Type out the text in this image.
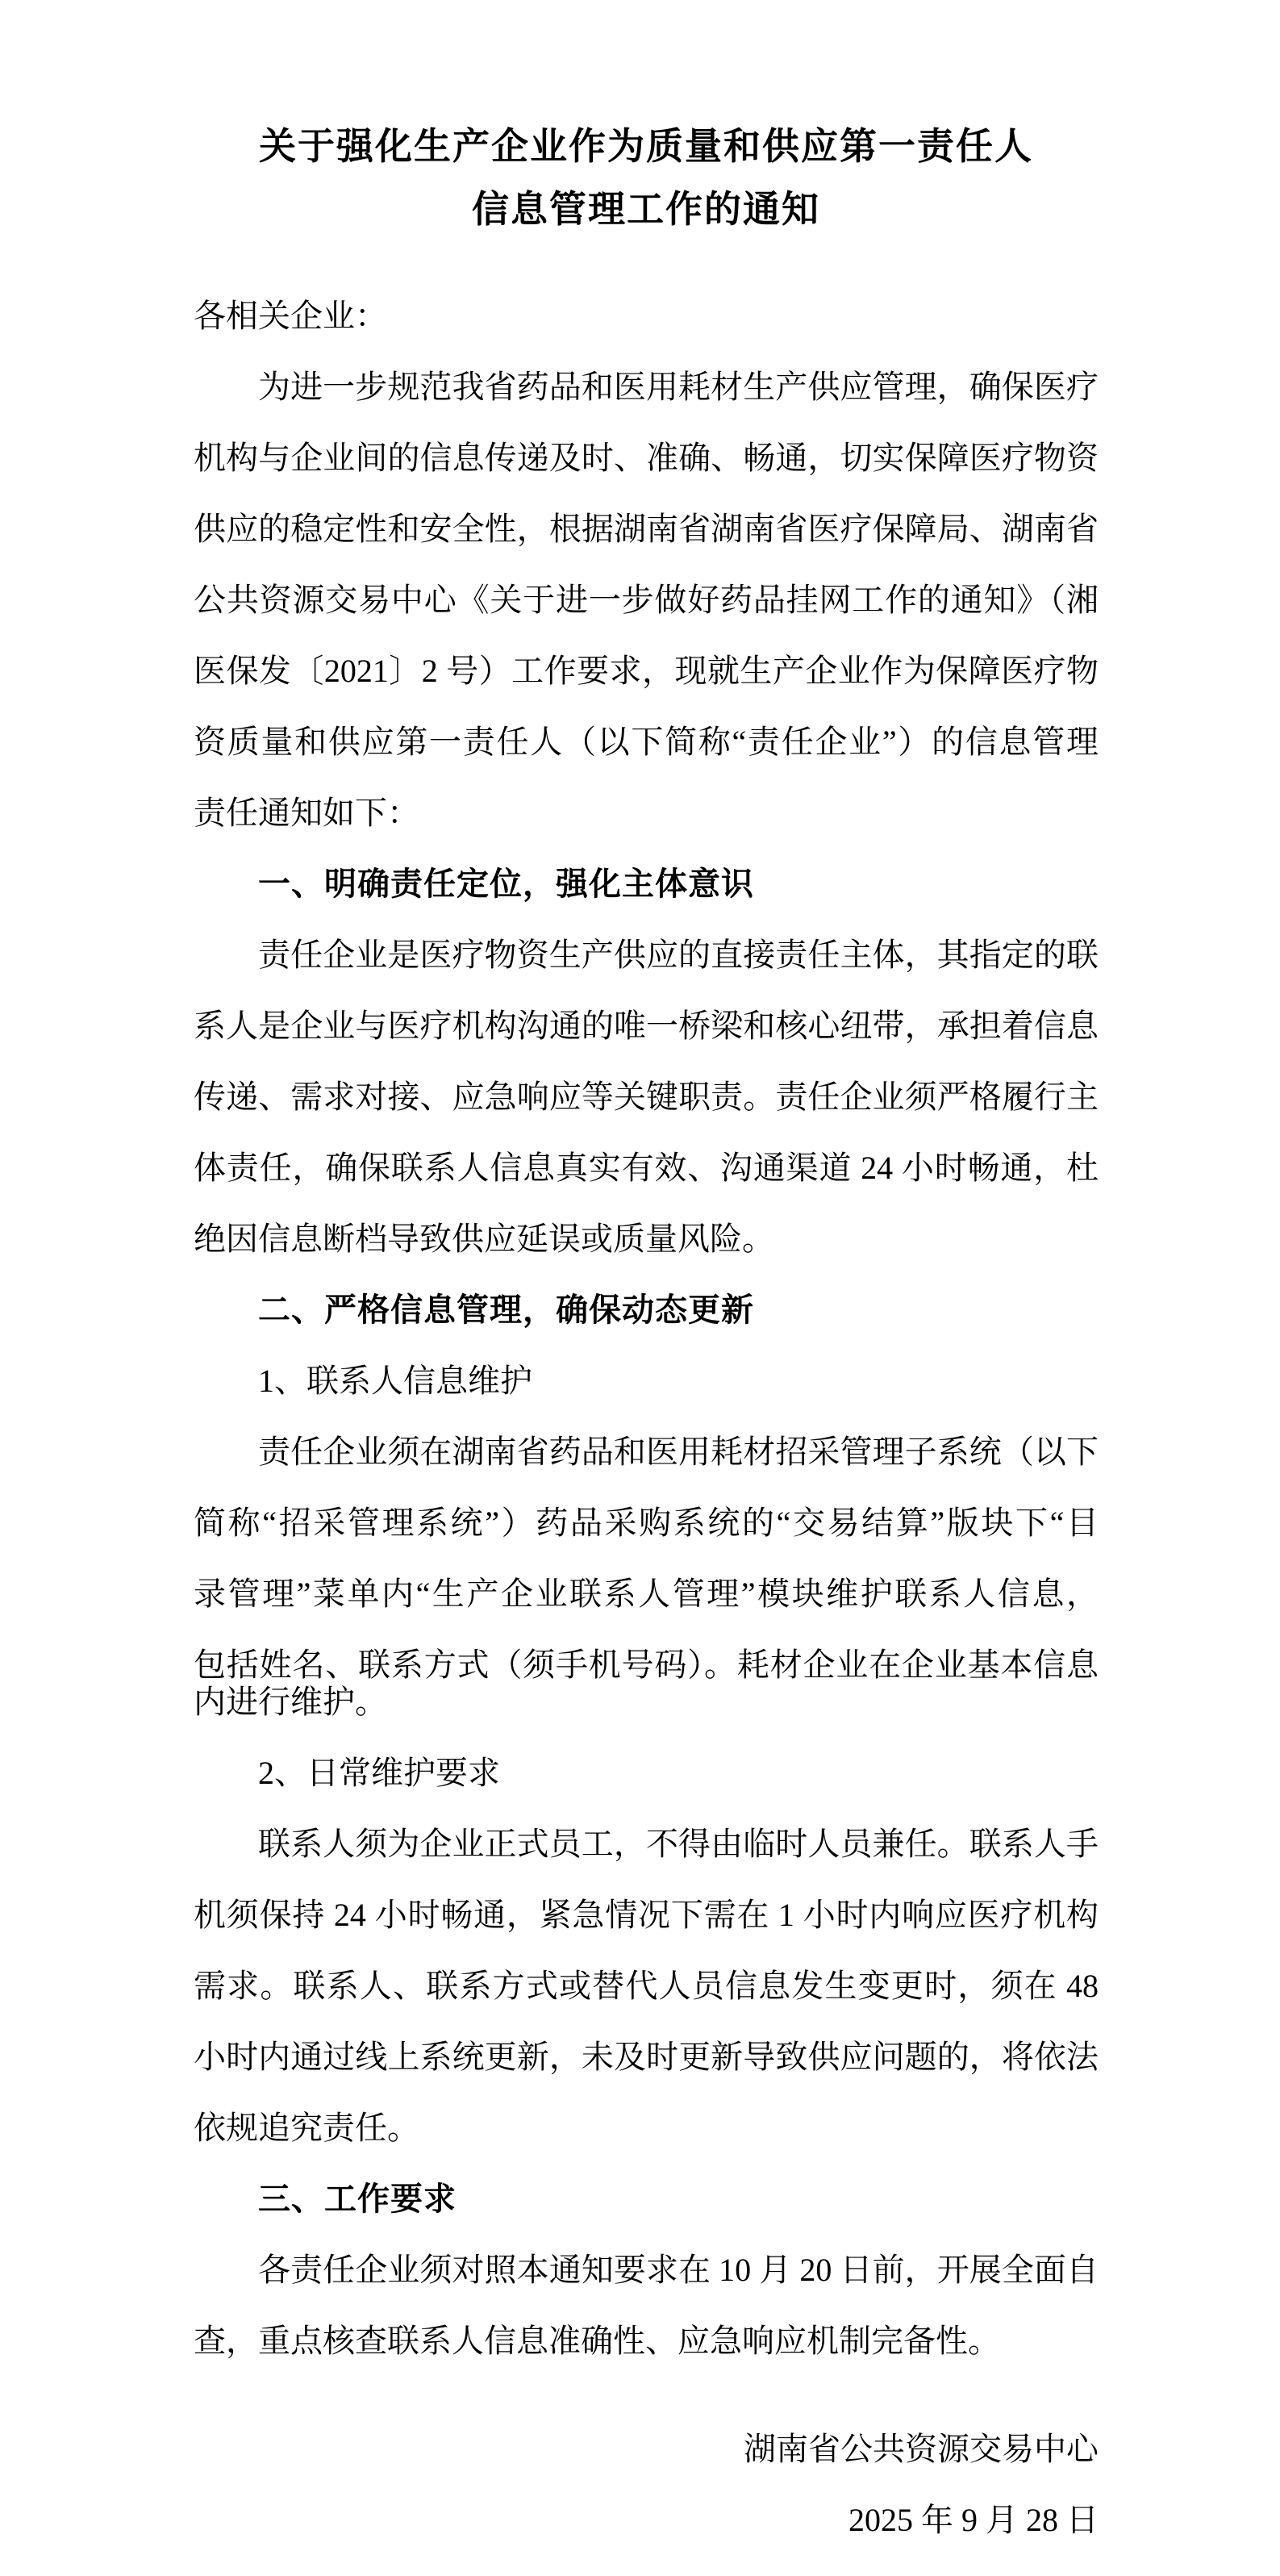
关于强化生产企业作为质量和供应第一责任人
信息管理工作的通知
各相关企业：
为进一步规范我省药品和医用耗材生产供应管理，确保医疗
机构与企业间的信息传递及时、准确、畅通，切实保障医疗物资
供应的稳定性和安全性，根据湖南省湖南省医疗保障局、湖南省
公共资源交易中心《关于进一步做好药品挂网工作的通知》（湘
医保发〔2021〕2 号）工作要求，现就生产企业作为保障医疗物
资质量和供应第一责任人（以下简称“责任企业”）的信息管理
责任通知如下：
一、明确责任定位，强化主体意识
责任企业是医疗物资生产供应的直接责任主体，其指定的联
系人是企业与医疗机构沟通的唯一桥梁和核心纽带，承担着信息
传递、需求对接、应急响应等关键职责。责任企业须严格履行主
体责任，确保联系人信息真实有效、沟通渠道 24 小时畅通，杜
绝因信息断档导致供应延误或质量风险。
二、严格信息管理，确保动态更新
1、联系人信息维护
责任企业须在湖南省药品和医用耗材招采管理子系统（以下
简称“招采管理系统”）药品采购系统的“交易结算”版块下“目
录管理”菜单内“生产企业联系人管理”模块维护联系人信息，
包括姓名、联系方式（须手机号码）。耗材企业在企业基本信息
内进行维护。
2、日常维护要求
联系人须为企业正式员工，不得由临时人员兼任。联系人手
机须保持 24 小时畅通，紧急情况下需在 1 小时内响应医疗机构
需求。联系人、联系方式或替代人员信息发生变更时，须在 48
小时内通过线上系统更新，未及时更新导致供应问题的，将依法
依规追究责任。
三、工作要求
各责任企业须对照本通知要求在 10 月 20 日前，开展全面自
查，重点核查联系人信息准确性、应急响应机制完备性。
湖南省公共资源交易中心
2025 年 9 月 28 日
